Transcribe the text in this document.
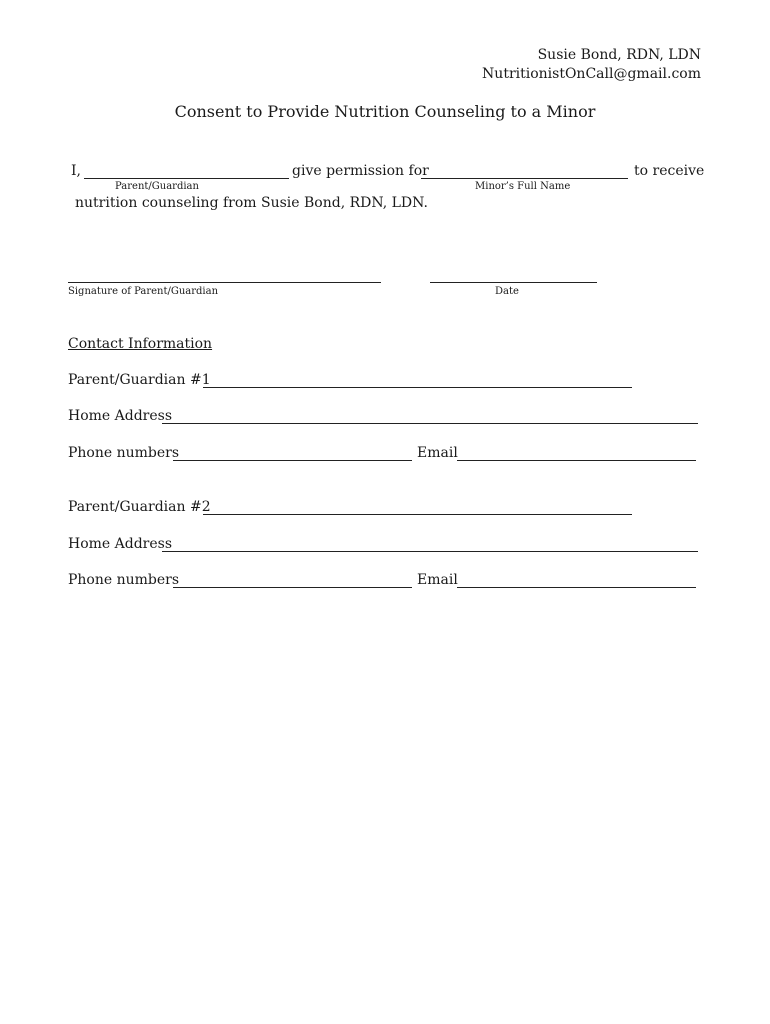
Susie Bond, RDN, LDN
NutritionistOnCall@gmail.com
Consent to Provide Nutrition Counseling to a Minor
I,	give permission for	to receive
Parent/Guardian	Minor’s Full Name
nutrition counseling from Susie Bond, RDN, LDN.
Signature of Parent/Guardian	Date
Contact Information
Parent/Guardian #1
Home Address
Phone numbers	Email
Parent/Guardian #2
Home Address
Phone numbers	Email
